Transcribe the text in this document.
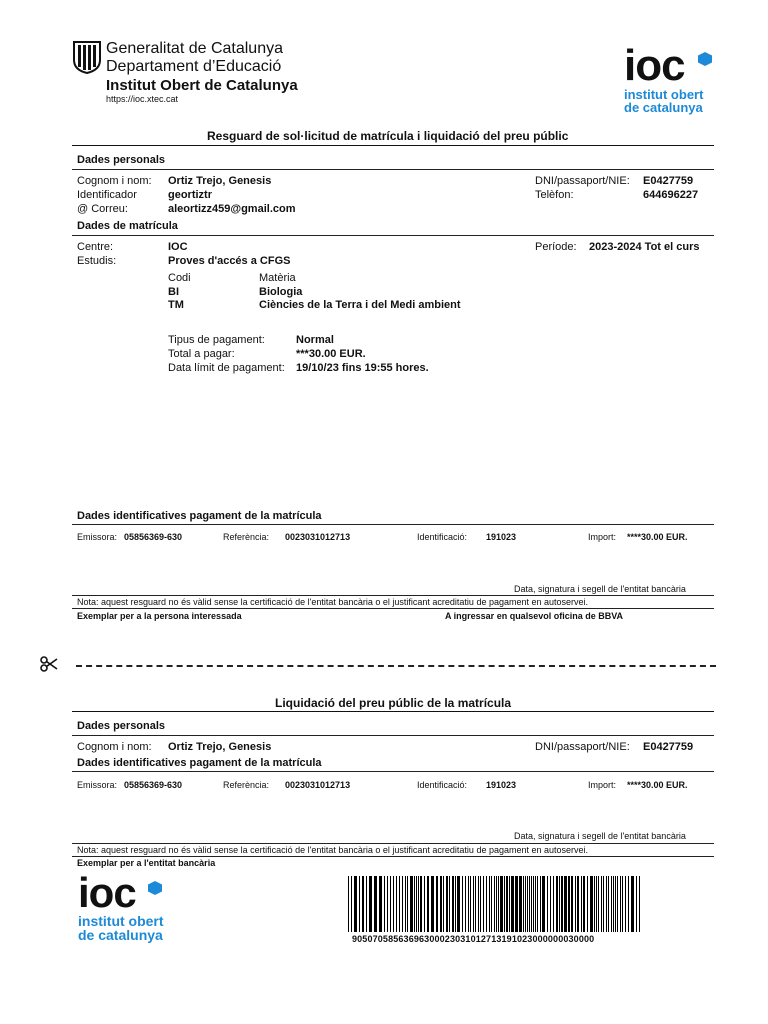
Generalitat de Catalunya
Departament d’Educació
Institut Obert de Catalunya
https://ioc.xtec.cat
ioc
institut obert
de catalunya
Resguard de sol·licitud de matrícula i liquidació del preu públic
Dades personals
Cognom i nom: Ortiz Trejo, Genesis	DNI/passaport/NIE: E0427759
Identificador	geortiztr	Telèfon:	644696227
@ Correu:	aleortizz459@gmail.com
Dades de matrícula
Centre:	IOC	Període: 2023-2024 Tot el curs
Estudis:	Proves d'accés a CFGS
Codi	Matèria
BI	Biologia
TM	Ciències de la Terra i del Medi ambient
Tipus de pagament:	Normal
Total a pagar:	***30.00 EUR.
Data límit de pagament: 19/10/23 fins 19:55 hores.
Dades identificatives pagament de la matrícula
Emissora: 05856369-630	Referència: 0023031012713	Identificació: 191023	Import: ****30.00 EUR.
Data, signatura i segell de l'entitat bancària
Nota: aquest resguard no és vàlid sense la certificació de l'entitat bancària o el justificant acreditatiu de pagament en autoservei.
Exemplar per a la persona interessada	A ingressar en qualsevol oficina de BBVA
Liquidació del preu públic de la matrícula
Dades personals
Cognom i nom: Ortiz Trejo, Genesis	DNI/passaport/NIE: E0427759
Dades identificatives pagament de la matrícula
Emissora: 05856369-630	Referència: 0023031012713	Identificació: 191023	Import: ****30.00 EUR.
Data, signatura i segell de l'entitat bancària
Nota: aquest resguard no és vàlid sense la certificació de l'entitat bancària o el justificant acreditatiu de pagament en autoservei.
Exemplar per a l'entitat bancària
ioc
institut obert
de catalunya	90507058563696300023031012713191023000000030000
